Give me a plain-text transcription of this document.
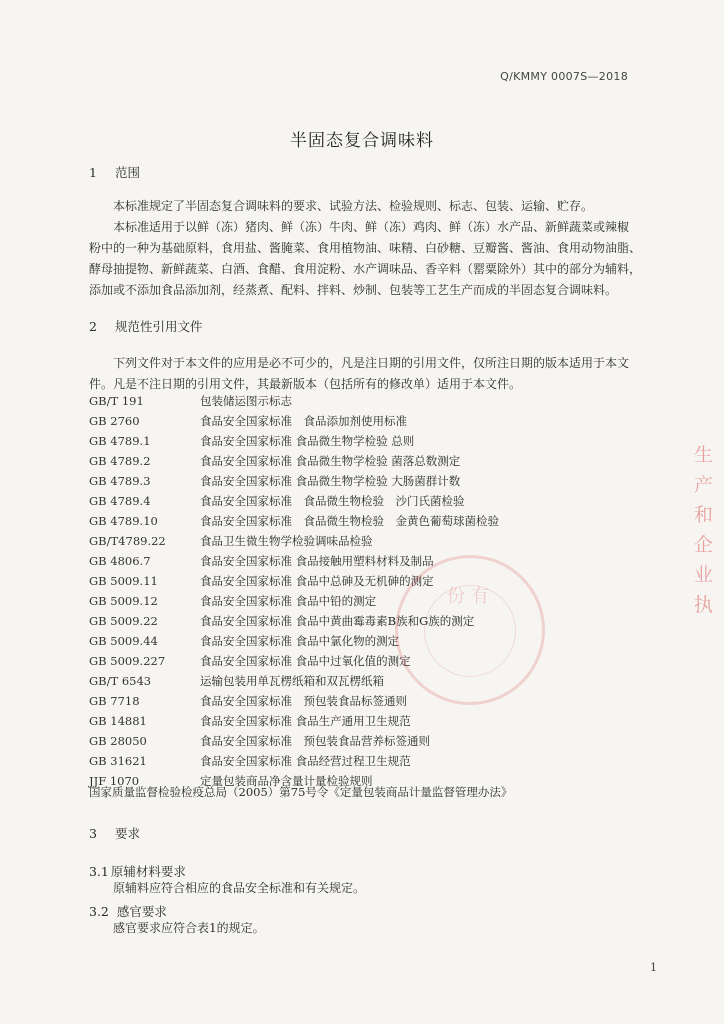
Q/KMMY 0007S—2018
半固态复合调味料
1 范围

本标准规定了半固态复合调味料的要求、试验方法、检验规则、标志、包装、运输、贮存。

本标准适用于以鲜（冻）猪肉、鲜（冻）牛肉、鲜（冻）鸡肉、鲜（冻）水产品、新鲜蔬菜或辣椒

粉中的一种为基础原料，食用盐、酱腌菜、食用植物油、味精、白砂糖、豆瓣酱、酱油、食用动物油脂、

酵母抽提物、新鲜蔬菜、白酒、食醋、食用淀粉、水产调味品、香辛料（罂粟除外）其中的部分为辅料，

添加或不添加食品添加剂，经蒸煮、配料、拌料、炒制、包装等工艺生产而成的半固态复合调味料。

2 规范性引用文件

下列文件对于本文件的应用是必不可少的，凡是注日期的引用文件，仅所注日期的版本适用于本文

件。凡是不注日期的引用文件，其最新版本（包括所有的修改单）适用于本文件。

GB/T 191	包装储运图示标志
GB 2760	食品安全国家标准　食品添加剂使用标准
GB 4789.1	食品安全国家标准 食品微生物学检验 总则
GB 4789.2	食品安全国家标准 食品微生物学检验 菌落总数测定
GB 4789.3	食品安全国家标准 食品微生物学检验 大肠菌群计数
GB 4789.4	食品安全国家标准　食品微生物检验　沙门氏菌检验
GB 4789.10	食品安全国家标准　食品微生物检验　金黄色葡萄球菌检验
GB/T4789.22	食品卫生微生物学检验调味品检验
GB 4806.7	食品安全国家标准 食品接触用塑料材料及制品
GB 5009.11	食品安全国家标准 食品中总砷及无机砷的测定
GB 5009.12	食品安全国家标准 食品中铅的测定
GB 5009.22	食品安全国家标准 食品中黄曲霉毒素B族和G族的测定
GB 5009.44	食品安全国家标准 食品中氯化物的测定
GB 5009.227	食品安全国家标准 食品中过氧化值的测定
GB/T 6543	运输包装用单瓦楞纸箱和双瓦楞纸箱
GB 7718	食品安全国家标准　预包装食品标签通则
GB 14881	食品安全国家标准 食品生产通用卫生规范
GB 28050	食品安全国家标准　预包装食品营养标签通则
GB 31621	食品安全国家标准 食品经营过程卫生规范
JJF 1070	定量包装商品净含量计量检验规则
国家质量监督检验检疫总局（2005）第75号令《定量包装商品计量监督管理办法》
3 要求
3.1 原辅材料要求
原辅料应符合相应的食品安全标准和有关规定。
3.2 感官要求
感官要求应符合表1的规定。
份有
生产和
企业执
1
